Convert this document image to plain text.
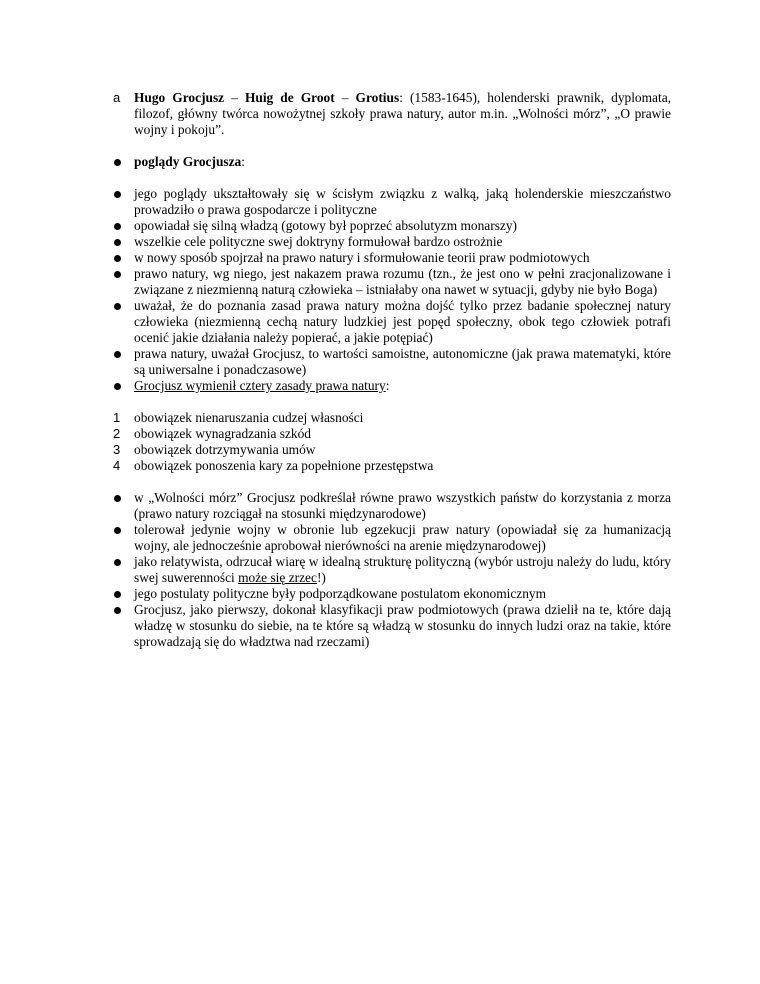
a	Hugo Grocjusz – Huig de Groot – Grotius: (1583-1645), holenderski prawnik, dyplomata, filozof, główny twórca nowożytnej szkoły prawa natury, autor m.in. „Wolności mórz”, „O prawie wojny i pokoju”.
poglądy Grocjusza:
jego poglądy ukształtowały się w ścisłym związku z walką, jaką holenderskie mieszczaństwo prowadziło o prawa gospodarcze i polityczne
opowiadał się silną władzą (gotowy był poprzeć absolutyzm monarszy)
wszelkie cele polityczne swej doktryny formułował bardzo ostrożnie
w nowy sposób spojrzał na prawo natury i sformułowanie teorii praw podmiotowych
prawo natury, wg niego, jest nakazem prawa rozumu (tzn., że jest ono w pełni zracjonalizowane i związane z niezmienną naturą człowieka – istniałaby ona nawet w sytuacji, gdyby nie było Boga)
uważał, że do poznania zasad prawa natury można dojść tylko przez badanie społecznej natury człowieka (niezmienną cechą natury ludzkiej jest popęd społeczny, obok tego człowiek potrafi ocenić jakie działania należy popierać, a jakie potępiać)
prawa natury, uważał Grocjusz, to wartości samoistne, autonomiczne (jak prawa matematyki, które są uniwersalne i ponadczasowe)
Grocjusz wymienił cztery zasady prawa natury:
1	obowiązek nienaruszania cudzej własności
2	obowiązek wynagradzania szkód
3	obowiązek dotrzymywania umów
4	obowiązek ponoszenia kary za popełnione przestępstwa
w „Wolności mórz” Grocjusz podkreślał równe prawo wszystkich państw do korzystania z morza (prawo natury rozciągał na stosunki międzynarodowe)
tolerował jedynie wojny w obronie lub egzekucji praw natury (opowiadał się za humanizacją wojny, ale jednocześnie aprobował nierówności na arenie międzynarodowej)
jako relatywista, odrzucał wiarę w idealną strukturę polityczną (wybór ustroju należy do ludu, który swej suwerenności może się zrzec!)
jego postulaty polityczne były podporządkowane postulatom ekonomicznym
Grocjusz, jako pierwszy, dokonał klasyfikacji praw podmiotowych (prawa dzielił na te, które dają władzę w stosunku do siebie, na te które są władzą w stosunku do innych ludzi oraz na takie, które sprowadzają się do władztwa nad rzeczami)
